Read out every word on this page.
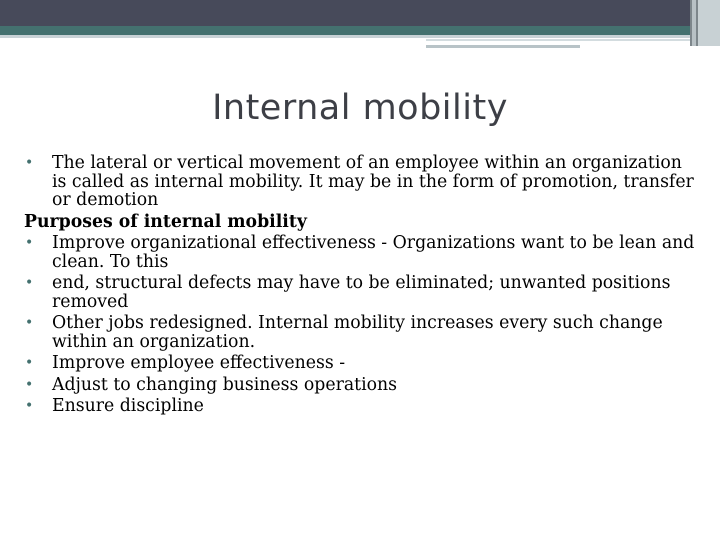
Internal mobility
• The lateral or vertical movement of an employee within an organization is called as internal mobility. It may be in the form of promotion, transfer or demotion
Purposes of internal mobility
• Improve organizational effectiveness - Organizations want to be lean and clean. To this
• end, structural defects may have to be eliminated; unwanted positions removed
• Other jobs redesigned. Internal mobility increases every such change within an organization.
• Improve employee effectiveness -
• Adjust to changing business operations
• Ensure discipline
